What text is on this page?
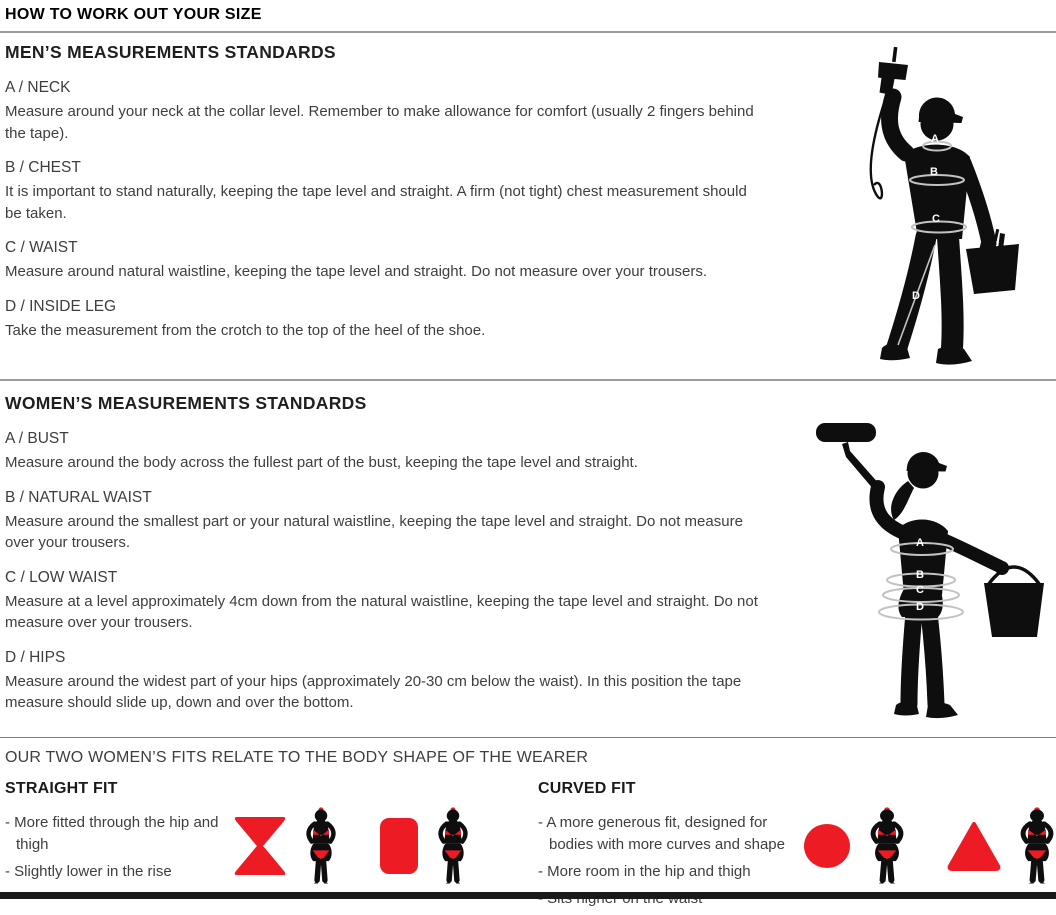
HOW TO WORK OUT YOUR SIZE
MEN’S MEASUREMENTS STANDARDS

A / NECK

Measure around your neck at the collar level. Remember to make allowance for comfort (usually 2 fingers behind the tape).

B / CHEST

It is important to stand naturally, keeping the tape level and straight. A firm (not tight) chest measurement should be taken.

C / WAIST

Measure around natural waistline, keeping the tape level and straight. Do not measure over your trousers.

D / INSIDE LEG

Take the measurement from the crotch to the top of the heel of the shoe.

A
B
C
D
WOMEN’S MEASUREMENTS STANDARDS

A / BUST

Measure around the body across the fullest part of the bust, keeping the tape level and straight.

B / NATURAL WAIST

Measure around the smallest part or your natural waistline, keeping the tape level and straight. Do not measure over your trousers.

C / LOW WAIST

Measure at a level approximately 4cm down from the natural waistline, keeping the tape level and straight. Do not measure over your trousers.

D / HIPS

Measure around the widest part of your hips (approximately 20-30 cm below the waist). In this position the tape measure should slide up, down and over the bottom.

A
B
C
D

OUR TWO WOMEN’S FITS RELATE TO THE BODY SHAPE OF THE WEARER

STRAIGHT FIT

- More fitted through the hip and thigh

- Slightly lower in the rise

CURVED FIT

- A more generous fit, designed for bodies with more curves and shape

- More room in the hip and thigh
